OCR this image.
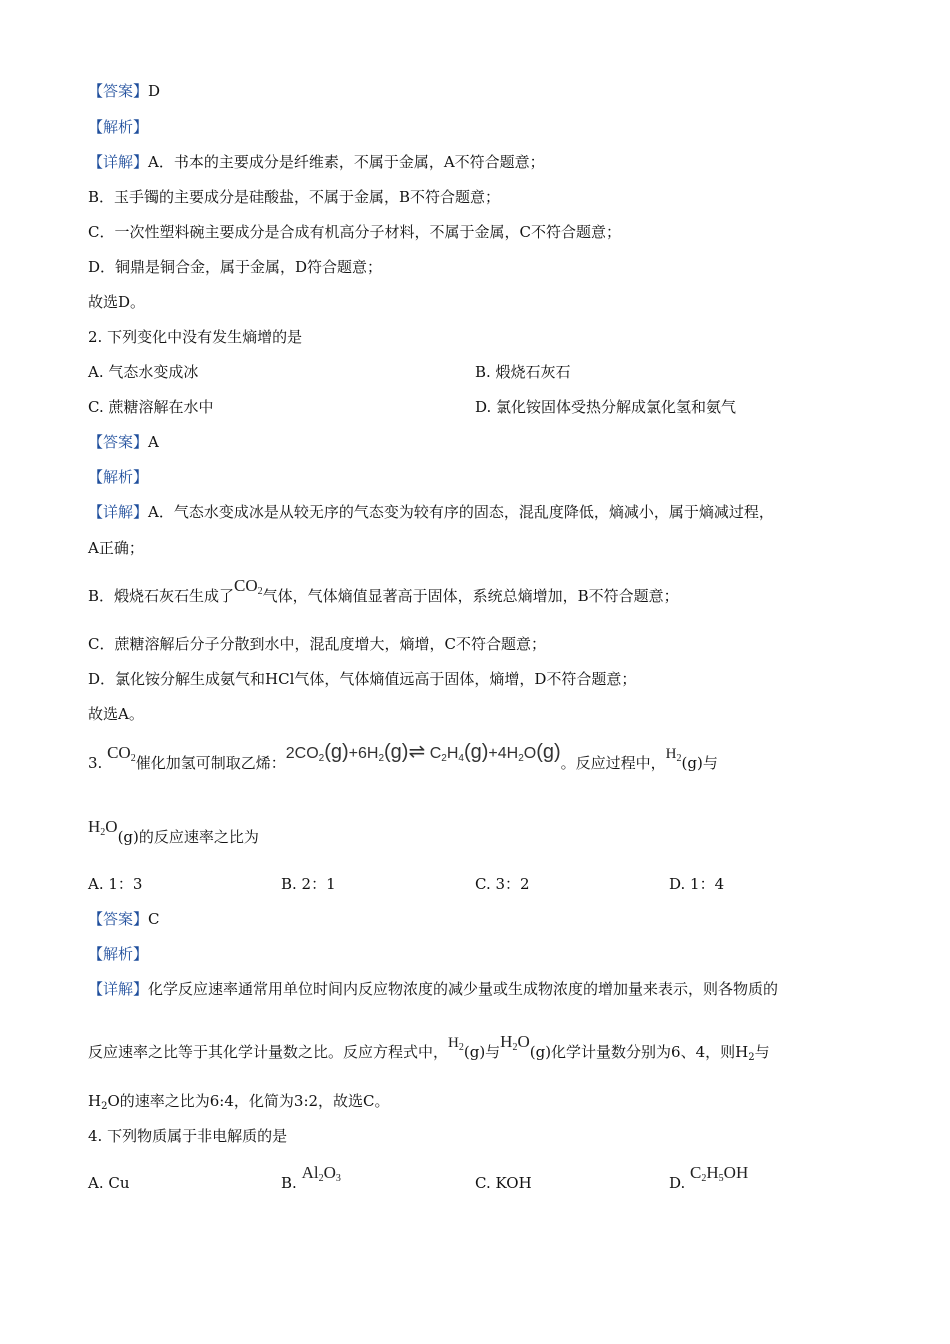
【答案】D
【解析】
【详解】A．书本的主要成分是纤维素，不属于金属，A不符合题意；
B．玉手镯的主要成分是硅酸盐，不属于金属，B不符合题意；
C．一次性塑料碗主要成分是合成有机高分子材料，不属于金属，C不符合题意；
D．铜鼎是铜合金，属于金属，D符合题意；
故选D。
2. 下列变化中没有发生熵增的是
A. 气态水变成冰	B. 煅烧石灰石
C. 蔗糖溶解在水中	D. 氯化铵固体受热分解成氯化氢和氨气
【答案】A
【解析】
【详解】A．气态水变成冰是从较无序的气态变为较有序的固态，混乱度降低，熵减小，属于熵减过程，
A正确；
B．煅烧石灰石生成了$CO_2$气体，气体熵值显著高于固体，系统总熵增加，B不符合题意；
C．蔗糖溶解后分子分散到水中，混乱度增大，熵增，C不符合题意；
D．氯化铵分解生成氨气和HCl气体，气体熵值远高于固体，熵增，D不符合题意；
故选A。
3. $CO_2$催化加氢可制取乙烯：$2CO_2(g)+6H_2(g)\rightleftharpoons$ $C_2H_4(g)+4H_2O(g)$。反应过程中，$H_2(g)$与
$H_2O(g)$的反应速率之比为
A. 1：3	B. 2：1	C. 3：2	D. 1：4
【答案】C
【解析】
【详解】化学反应速率通常用单位时间内反应物浓度的减少量或生成物浓度的增加量来表示，则各物质的
反应速率之比等于其化学计量数之比。反应方程式中，$H_2(g)$与$H_2O(g)$化学计量数分别为6、4，则$H_2$与
$H_2O$的速率之比为6:4，化简为3:2，故选C。
4. 下列物质属于非电解质的是
A. Cu	B. $Al_2O_3$	C. KOH	D. $C_2H_5OH$
